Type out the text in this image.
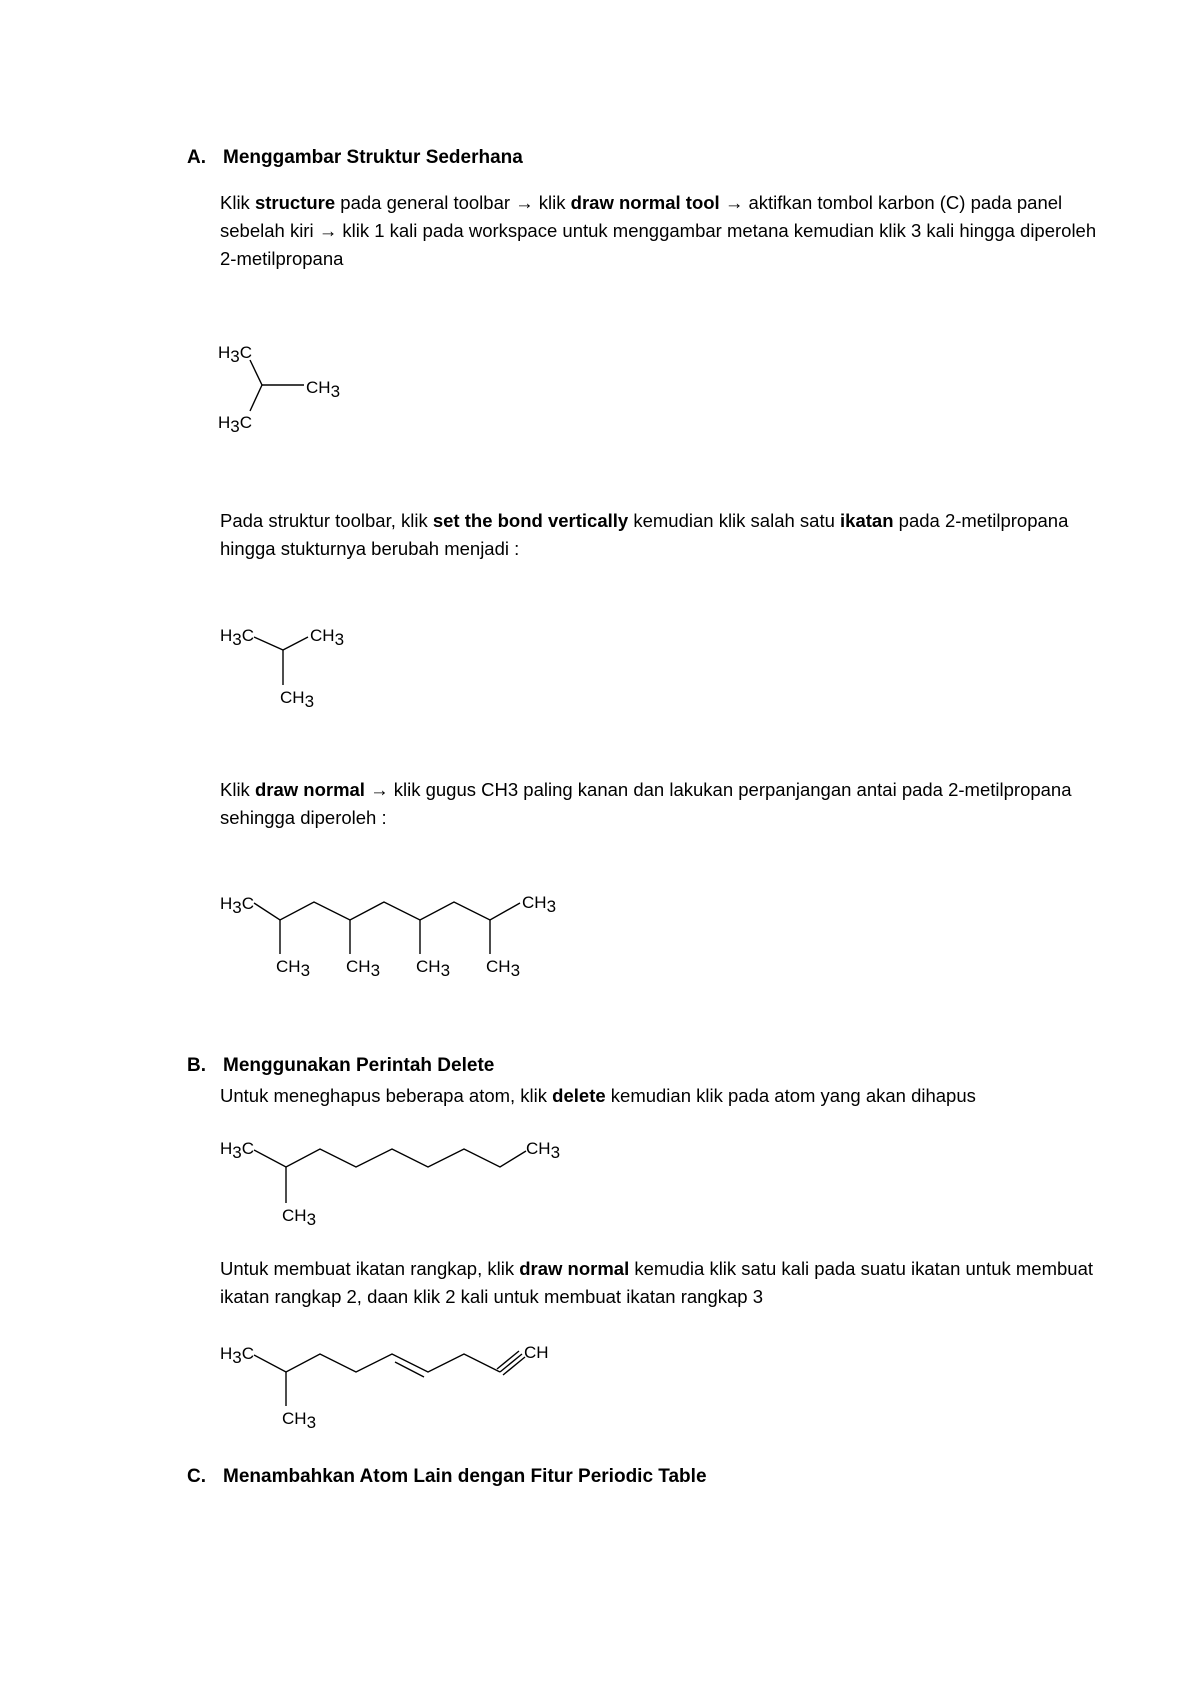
A. Menggambar Struktur Sederhana
Klik structure pada general toolbar → klik draw normal tool → aktifkan tombol karbon (C) pada panel sebelah kiri → klik 1 kali pada workspace untuk menggambar metana kemudian klik 3 kali hingga diperoleh 2-metilpropana
H3C
H3C
CH3
Pada struktur toolbar, klik set the bond vertically kemudian klik salah satu ikatan pada 2-metilpropana hingga stukturnya berubah menjadi :
H3C	CH3
CH3
Klik draw normal → klik gugus CH3 paling kanan dan lakukan perpanjangan antai pada 2-metilpropana sehingga diperoleh :
H3C	CH3
CH3 CH3 CH3 CH3
B. Menggunakan Perintah Delete
Untuk meneghapus beberapa atom, klik delete kemudian klik pada atom yang akan dihapus
H3C	CH3
CH3
Untuk membuat ikatan rangkap, klik draw normal kemudia klik satu kali pada suatu ikatan untuk membuat ikatan rangkap 2, daan klik 2 kali untuk membuat ikatan rangkap 3
H3C	CH
CH3
C. Menambahkan Atom Lain dengan Fitur Periodic Table
